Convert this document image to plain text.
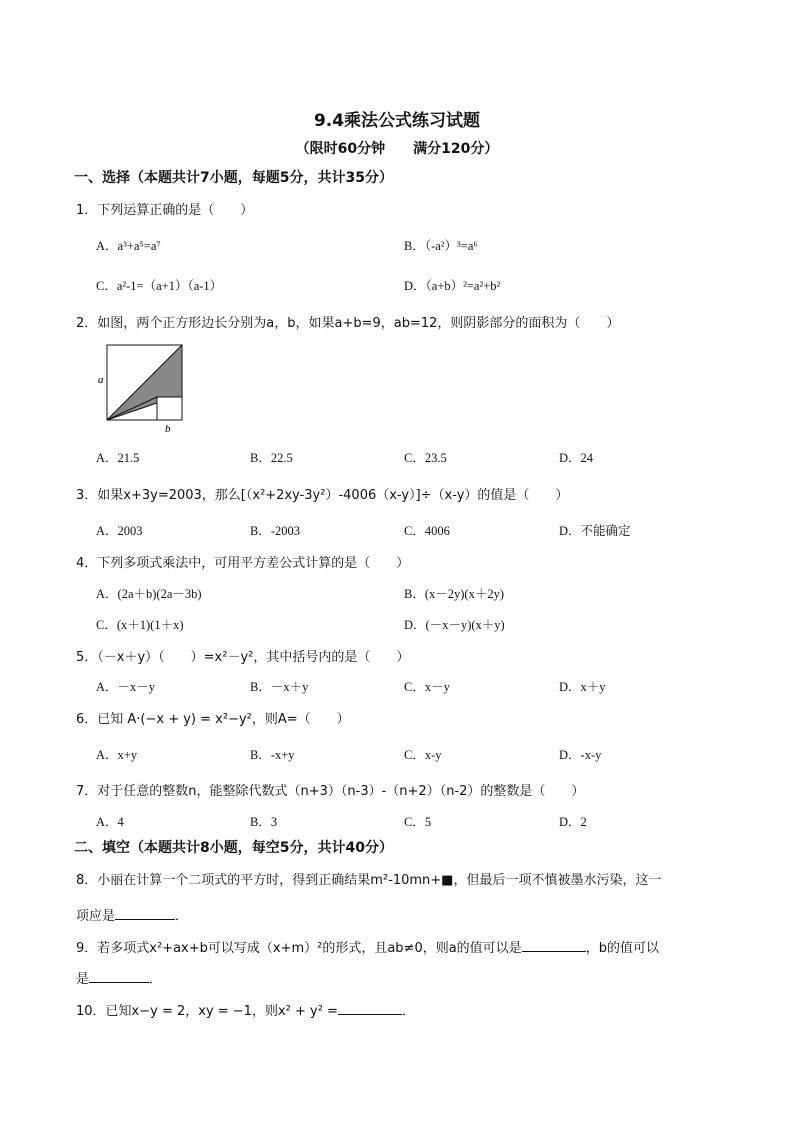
9.4乘法公式练习试题
（限时60分钟 满分120分）
一、选择（本题共计7小题，每题5分，共计35分）
1．下列运算正确的是（　　）
A．a³+a⁵=a⁷	B．（-a²）³=a⁶
C．a²-1=（a+1）（a-1）	D．（a+b）²=a²+b²
2．如图，两个正方形边长分别为a，b，如果a+b=9，ab=12，则阴影部分的面积为（　　）
a
b
A．21.5	B．22.5	C．23.5	D．24
3．如果x+3y=2003，那么[（x²+2xy-3y²）-4006（x-y）]÷（x-y）的值是（　　）
A．2003	B．-2003	C．4006	D．不能确定
4．下列多项式乘法中，可用平方差公式计算的是（　　）
A．(2a＋b)(2a－3b)	B．(x－2y)(x＋2y)
C．(x＋1)(1＋x)	D．(－x－y)(x＋y)
5．（－x＋y）（　　）=x²－y²，其中括号内的是（　　）
A．－x－y	B．－x＋y	C．x－y	D．x＋y
6．已知 A·(−x + y) = x²−y²，则A=（　　）
A．x+y	B．-x+y	C．x-y	D．-x-y
7．对于任意的整数n，能整除代数式（n+3）（n-3）-（n+2）（n-2）的整数是（　　）
A．4	B．3	C．5	D．2
二、填空（本题共计8小题，每空5分，共计40分）
8．小丽在计算一个二项式的平方时，得到正确结果m²-10mn+■，但最后一项不慎被墨水污染，这一
项应是	．
9．若多项式x²+ax+b可以写成（x+m）²的形式，且ab≠0，则a的值可以是	，b的值可以
是	．
10．已知x−y = 2，xy = −1，则x² + y² =	．
